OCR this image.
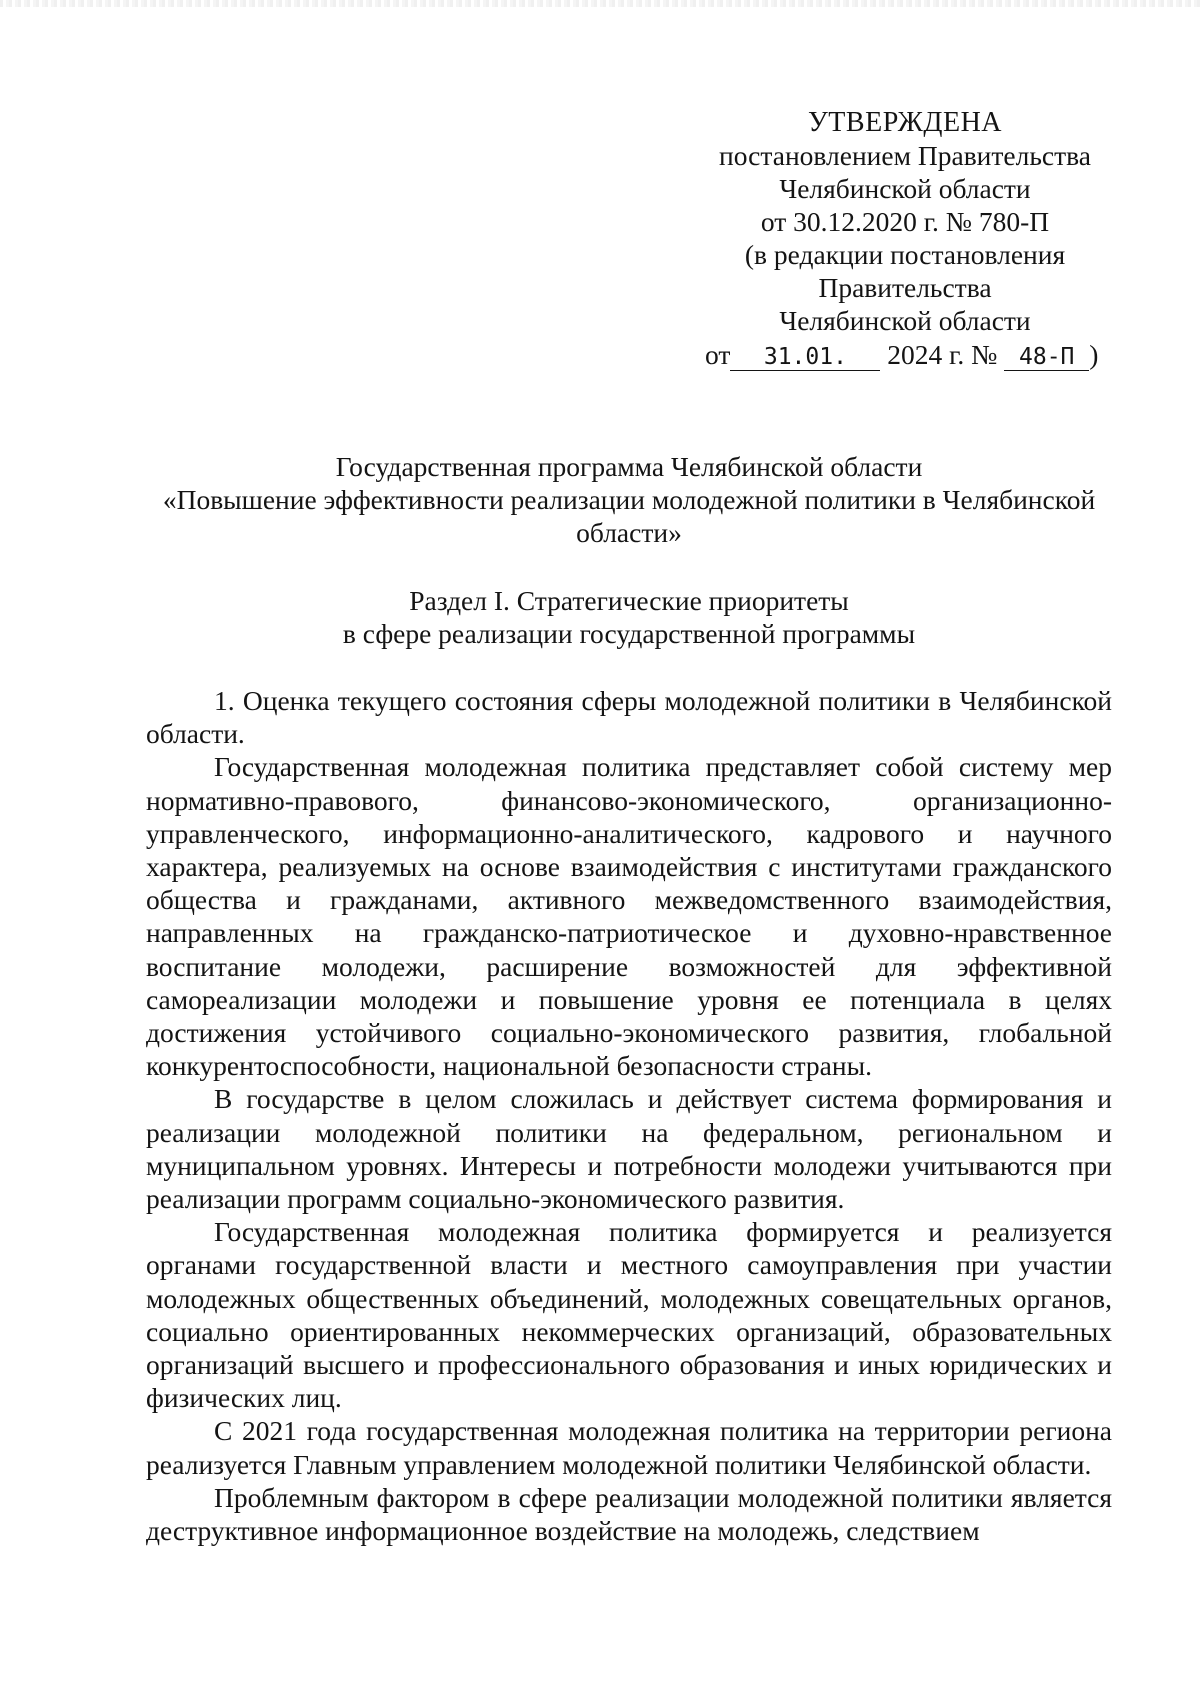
УТВЕРЖДЕНА
постановлением Правительства
Челябинской области
от 30.12.2020 г. № 780-П
(в редакции постановления
Правительства
Челябинской области
от 31.01. 2024 г. № 48-П )
Государственная программа Челябинской области
«Повышение эффективности реализации молодежной политики в Челябинской
области»
Раздел I. Стратегические приоритеты
в сфере реализации государственной программы

1. Оценка текущего состояния сферы молодежной политики в Челябинской области.

Государственная молодежная политика представляет собой систему мер нормативно-правового, финансово-экономического, организационно-управленческого, информационно-аналитического, кадрового и научного характера, реализуемых на основе взаимодействия с институтами гражданского общества и гражданами, активного межведомственного взаимодействия, направленных на гражданско-патриотическое и духовно-нравственное воспитание молодежи, расширение возможностей для эффективной самореализации молодежи и повышение уровня ее потенциала в целях достижения устойчивого социально-экономического развития, глобальной конкурентоспособности, национальной безопасности страны.

В государстве в целом сложилась и действует система формирования и реализации молодежной политики на федеральном, региональном и муниципальном уровнях. Интересы и потребности молодежи учитываются при реализации программ социально-экономического развития.

Государственная молодежная политика формируется и реализуется органами государственной власти и местного самоуправления при участии молодежных общественных объединений, молодежных совещательных органов, социально ориентированных некоммерческих организаций, образовательных организаций высшего и профессионального образования и иных юридических и физических лиц.

С 2021 года государственная молодежная политика на территории региона реализуется Главным управлением молодежной политики Челябинской области.

Проблемным фактором в сфере реализации молодежной политики является деструктивное информационное воздействие на молодежь, следствием
